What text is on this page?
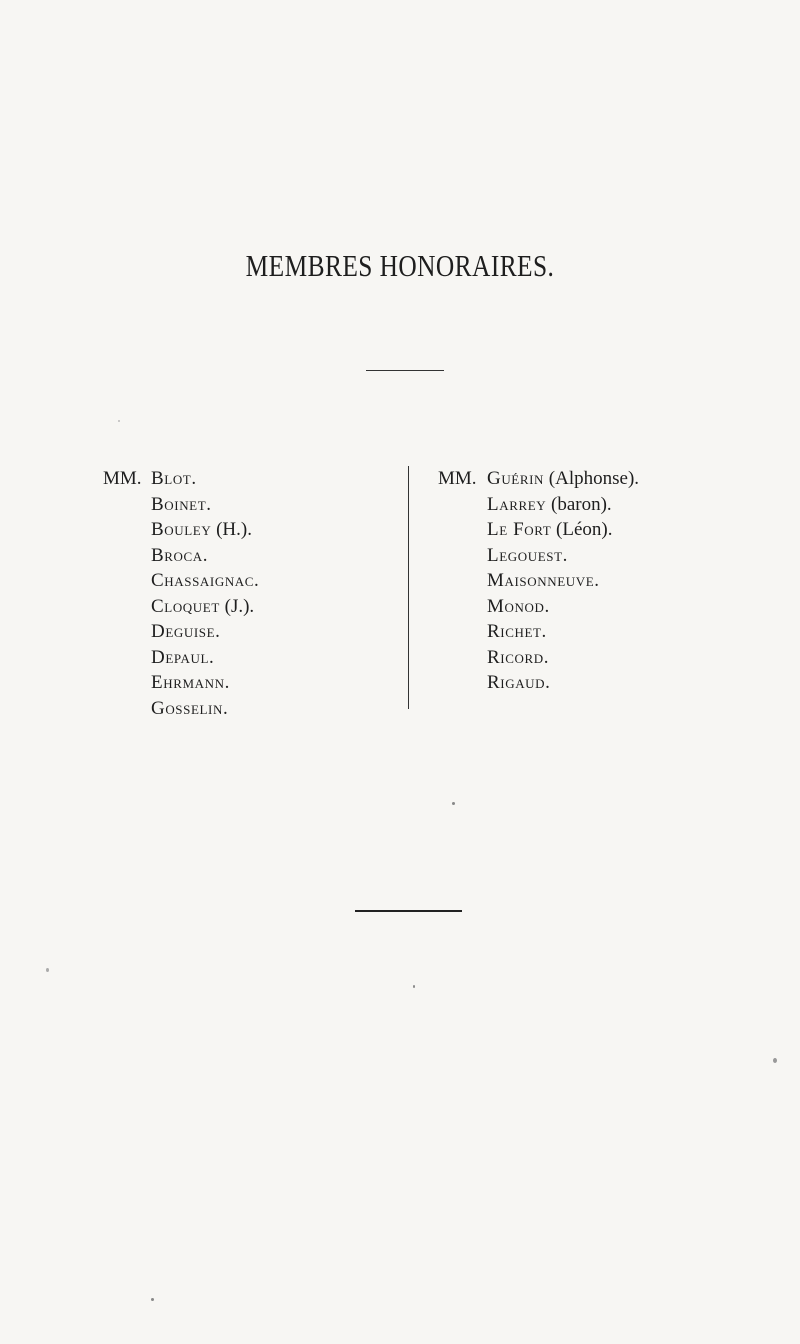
MEMBRES HONORAIRES.
MM. Blot.
Boinet.
Bouley (H.).
Broca.
Chassaignac.
Cloquet (J.).
Deguise.
Depaul.
Ehrmann.
Gosselin.
MM. Guérin (Alphonse).
Larrey (baron).
Le Fort (Léon).
Legouest.
Maisonneuve.
Monod.
Richet.
Ricord.
Rigaud.
